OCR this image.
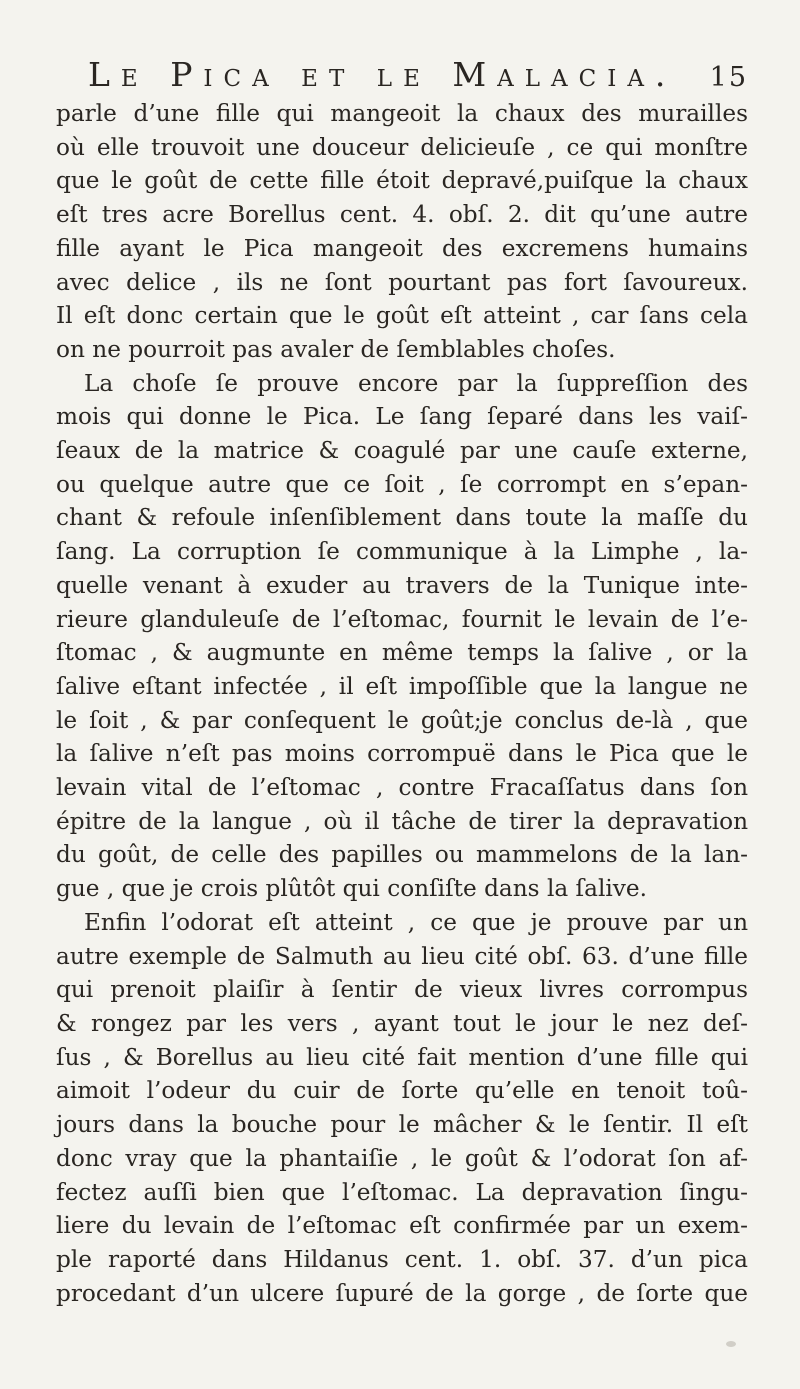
Le Pica et le Malacia. 15
parle d’une fille qui mangeoit la chaux des murailles
où elle trouvoit une douceur delicieuſe , ce qui monſtre
que le goût de cette fille étoit depravé,puiſque la chaux
eſt tres acre Borellus cent. 4. obſ. 2. dit qu’une autre
fille ayant le Pica mangeoit des excremens humains
avec delice , ils ne ſont pourtant pas fort ſavoureux.
Il eſt donc certain que le goût eſt atteint , car ſans cela
on ne pourroit pas avaler de ſemblables choſes.
La choſe ſe prouve encore par la ſuppreſſion des
mois qui donne le Pica. Le ſang ſeparé dans les vaiſ-
ſeaux de la matrice & coagulé par une cauſe externe,
ou quelque autre que ce ſoit , ſe corrompt en s’epan-
chant & refoule inſenſiblement dans toute la maſſe du
ſang. La corruption ſe communique à la Limphe , la-
quelle venant à exuder au travers de la Tunique inte-
rieure glanduleuſe de l’eſtomac, fournit le levain de l’e-
ſtomac , & augmunte en même temps la ſalive , or la
ſalive eſtant infectée , il eſt impoſſible que la langue ne
le ſoit , & par conſequent le goût;je conclus de-là , que
la ſalive n’eſt pas moins corrompuë dans le Pica que le
levain vital de l’eſtomac , contre Fracaſſatus dans ſon
épitre de la langue , où il tâche de tirer la depravation
du goût, de celle des papilles ou mammelons de la lan-
gue , que je crois plûtôt qui conſiſte dans la ſalive.
Enfin l’odorat eſt atteint , ce que je prouve par un
autre exemple de Salmuth au lieu cité obſ. 63. d’une fille
qui prenoit plaiſir à ſentir de vieux livres corrompus
& rongez par les vers , ayant tout le jour le nez deſ-
ſus , & Borellus au lieu cité fait mention d’une fille qui
aimoit l’odeur du cuir de ſorte qu’elle en tenoit toû-
jours dans la bouche pour le mâcher & le ſentir. Il eſt
donc vray que la phantaiſie , le goût & l’odorat ſon af-
fectez auſſi bien que l’eſtomac. La depravation ſingu-
liere du levain de l’eſtomac eſt confirmée par un exem-
ple raporté dans Hildanus cent. 1. obſ. 37. d’un pica
procedant d’un ulcere ſupuré de la gorge , de ſorte que
